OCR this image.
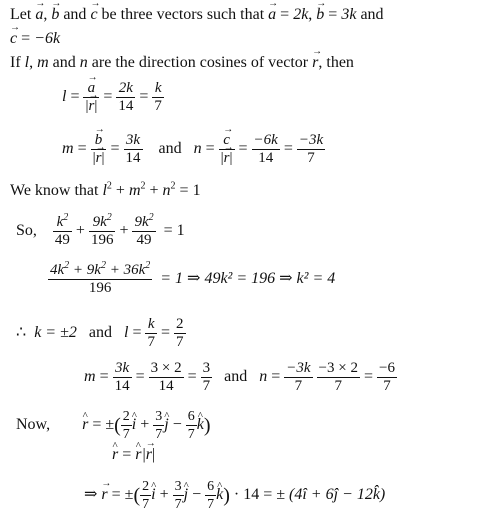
Let → a, → b and → c be three vectors such that → a = 2k, → b = 3k and
→ c = −6k
If l, m and n are the direction cosines of vector → r, then
l = → $\frac{a}{|\to r|} = \frac{2k}{14} = \frac{k}{7}$
m = → $\frac{b}{|\to r|} = \frac{3k}{14}$ and n = → $\frac{c}{|\to r|} = \frac{-6k}{14} = \frac{-3k}{7}$
We know that $l^2 + m^2 + n^2 = 1$
So, $\frac{k^2}{49} + \frac{9k^2}{196} + \frac{9k^2}{49} = 1$
$\frac{4k^2 + 9k^2 + 36k^2}{196} = 1$ ⇒ 49k² = 196 ⇒ k² = 4
∴ k = ±2 and $l = \frac{k}{7} = \frac{2}{7}$
$m = \frac{3k}{14} = \frac{3 \times 2}{14} = \frac{3}{7}$ and $n = \frac{-3k}{7}$
$\frac{-3 \times 2}{7} = \frac{-6}{7}$
Now, ^ r = ±( $\frac{2}{7}$ ^ $i + \frac{3}{7}$ ^ $j - \frac{6}{7}$ ^ k)
^ r = ^ r|→ r|
⇒ → r = ±( $\frac{2}{7}$ ^ $i + \frac{3}{7}$ ^ $j - \frac{6}{7}$ ^ k) · 14 = ± (4î + 6ĵ − 12k̂)
